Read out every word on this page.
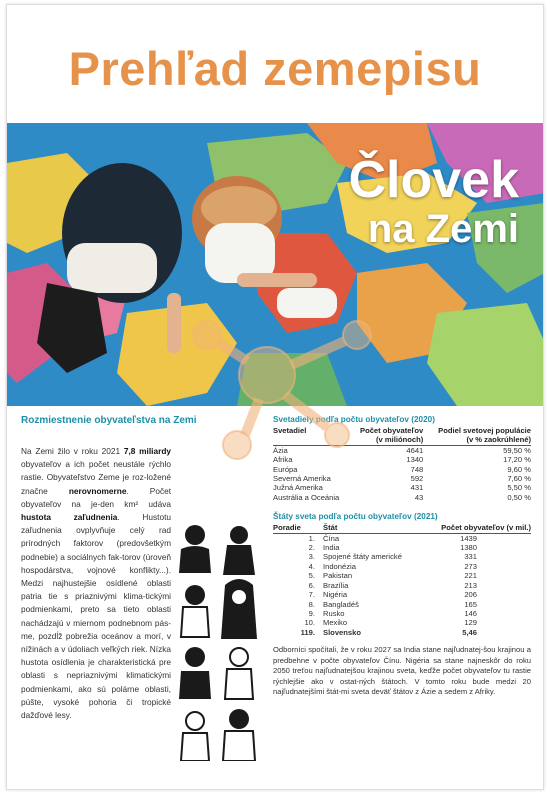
Prehľad zemepisu
Človek
na Zemi
Rozmiestnenie obyvateľstva na Zemi
Na Zemi žilo v roku 2021 7,8 miliardy obyvateľov a ich počet neustále rýchlo rastie. Obyvateľstvo Zeme je roz-ložené značne	nerovnomerne. Počet obyvateľov na je-den km² udáva hustota zaľudnenia. Hustotu zaľudnenia ovplyvňuje celý rad prírodných faktorov (predovšetkým podnebie) a sociálnych fak-torov (úroveň hospodárstva, vojnové konflikty...). Medzi najhustejšie osídlené oblasti patria tie s priaznivými klima-tickými podmienkami, preto sa tieto oblasti nachádzajú v miernom podnebnom pás-me, pozdĺž pobrežia oceánov a morí, v nížinách a v údoliach veľkých riek. Nízka hustota osídlenia je charakteristická pre oblasti s nepriaznivými klimatickými podmienkami, ako sú polárne oblasti, púšte, vysoké pohoria či tropické dažďové lesy.
Svetadiely podľa počtu obyvateľov (2020)
Svetadiel	Počet obyvateľov	Podiel svetovej populácie
	(v miliónoch)	(v % zaokrúhlené)
Ázia	4641	59,50 %
Afrika	1340	17,20 %
Európa	748	9,60 %
Severná Amerika	592	7,60 %
Južná Amerika	431	5,50 %
Austrália a Oceánia	43	0,50 %
Štáty sveta podľa počtu obyvateľov (2021)
Poradie	Štát	Počet obyvateľov (v mil.)
1.	Čína	1439
2.	India	1380
3.	Spojené štáty americké	331
4.	Indonézia	273
5.	Pakistan	221
6.	Brazília	213
7.	Nigéria	206
8.	Bangladéš	165
9.	Rusko	146
10.	Mexiko	129
119.	Slovensko	5,46
Odborníci spočítali, že v roku 2027 sa India stane najľudnatej-šou krajinou a predbehne v počte obyvateľov Čínu. Nigéria sa stane najneskôr do roku 2050 treťou najľudnatejšou krajinou sveta, keďže počet obyvateľov tu rastie rýchlejšie ako v ostat-ných štátoch. V tomto roku bude medzi 20 najľudnatejšími štát-mi sveta deväť štátov z Ázie a sedem z Afriky.
